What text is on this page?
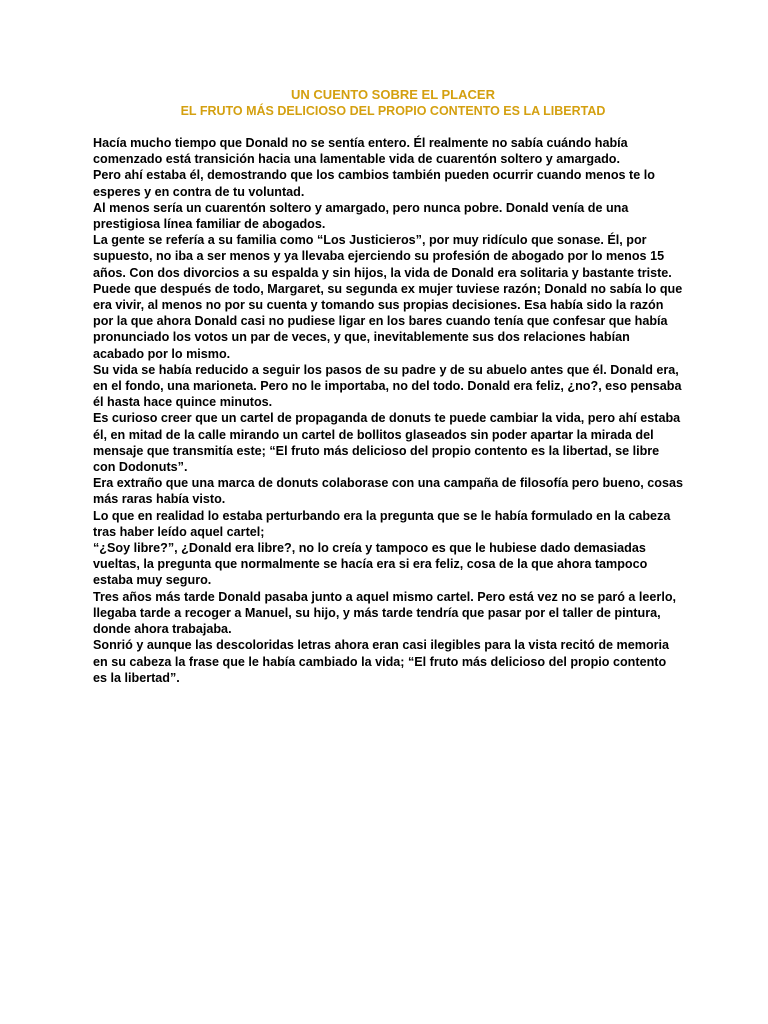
UN CUENTO SOBRE EL PLACER

EL FRUTO MÁS DELICIOSO DEL PROPIO CONTENTO ES LA LIBERTAD

Hacía mucho tiempo que Donald no se sentía entero. Él realmente no sabía cuándo había comenzado está transición hacia una lamentable vida de cuarentón soltero y amargado.

Pero ahí estaba él, demostrando que los cambios también pueden ocurrir cuando menos te lo esperes y en contra de tu voluntad.

Al menos sería un cuarentón soltero y amargado, pero nunca pobre. Donald venía de una prestigiosa línea familiar de abogados.

La gente se refería a su familia como “Los Justicieros”, por muy ridículo que sonase. Él, por supuesto, no iba a ser menos y ya llevaba ejerciendo su profesión de abogado por lo menos 15 años. Con dos divorcios a su espalda y sin hijos, la vida de Donald era solitaria y bastante triste.

Puede que después de todo, Margaret, su segunda ex mujer tuviese razón; Donald no sabía lo que era vivir, al menos no por su cuenta y tomando sus propias decisiones. Esa había sido la razón por la que ahora Donald casi no pudiese ligar en los bares cuando tenía que confesar que había pronunciado los votos un par de veces, y que, inevitablemente sus dos relaciones habían acabado por lo mismo.

Su vida se había reducido a seguir los pasos de su padre y de su abuelo antes que él. Donald era, en el fondo, una marioneta. Pero no le importaba, no del todo. Donald era feliz, ¿no?, eso pensaba él hasta hace quince minutos.

Es curioso creer que un cartel de propaganda de donuts te puede cambiar la vida, pero ahí estaba él, en mitad de la calle mirando un cartel de bollitos glaseados sin poder apartar la mirada del mensaje que transmitía este; “El fruto más delicioso del propio contento es la libertad, se libre con Dodonuts”.

Era extraño que una marca de donuts colaborase con una campaña de filosofía pero bueno, cosas más raras había visto.

Lo que en realidad lo estaba perturbando era la pregunta que se le había formulado en la cabeza tras haber leído aquel cartel;

“¿Soy libre?”, ¿Donald era libre?, no lo creía y tampoco es que le hubiese dado demasiadas vueltas, la pregunta que normalmente se hacía era si era feliz, cosa de la que ahora tampoco estaba muy seguro.

Tres años más tarde Donald pasaba junto a aquel mismo cartel. Pero está vez no se paró a leerlo, llegaba tarde a recoger a Manuel, su hijo, y más tarde tendría que pasar por el taller de pintura, donde ahora trabajaba.

Sonrió y aunque las descoloridas letras ahora eran casi ilegibles para la vista recitó de memoria en su cabeza la frase que le había cambiado la vida; “El fruto más delicioso del propio contento es la libertad”.
